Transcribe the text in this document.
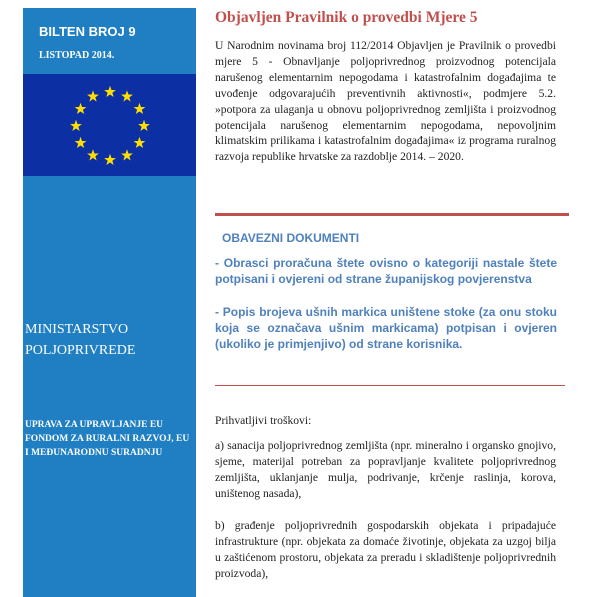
BILTEN BROJ 9
LISTOPAD 2014.
MINISTARSTVO POLJOPRIVREDE
UPRAVA ZA UPRAVLJANJE EU FONDOM ZA RURALNI RAZVOJ, EU I MEĐUNARODNU SURADNJU
Objavljen Pravilnik o provedbi Mjere 5
U Narodnim novinama broj 112/2014 Objavljen je Pravilnik o provedbi mjere 5 - Obnavljanje poljoprivrednog proizvodnog potencijala narušenog elementarnim nepogodama i katastrofalnim događajima te uvođenje odgovarajućih preventivnih aktivnosti«, podmjere 5.2. »potpora za ulaganja u obnovu poljoprivrednog zemljišta i proizvodnog potencijala narušenog elementarnim nepogodama, nepovoljnim klimatskim prilikama i katastrofalnim događajima« iz programa ruralnog razvoja republike hrvatske za razdoblje 2014. – 2020.
OBAVEZNI DOKUMENTI
- Obrasci proračuna štete ovisno o kategoriji nastale štete potpisani i ovjereni od strane županijskog povjerenstva
- Popis brojeva ušnih markica uništene stoke (za onu stoku koja se označava ušnim markicama) potpisan i ovjeren (ukoliko je primjenjivo) od strane korisnika.
Prihvatljivi troškovi:
a) sanacija poljoprivrednog zemljišta (npr. mineralno i organsko gnojivo, sjeme, materijal potreban za popravljanje kvalitete poljoprivrednog zemljišta, uklanjanje mulja, podrivanje, krčenje raslinja, korova, uništenog nasada),
b) građenje poljoprivrednih gospodarskih objekata i pripadajuće infrastrukture (npr. objekata za domaće životinje, objekata za uzgoj bilja u zaštićenom prostoru, objekata za preradu i skladištenje poljoprivrednih proizvoda),
